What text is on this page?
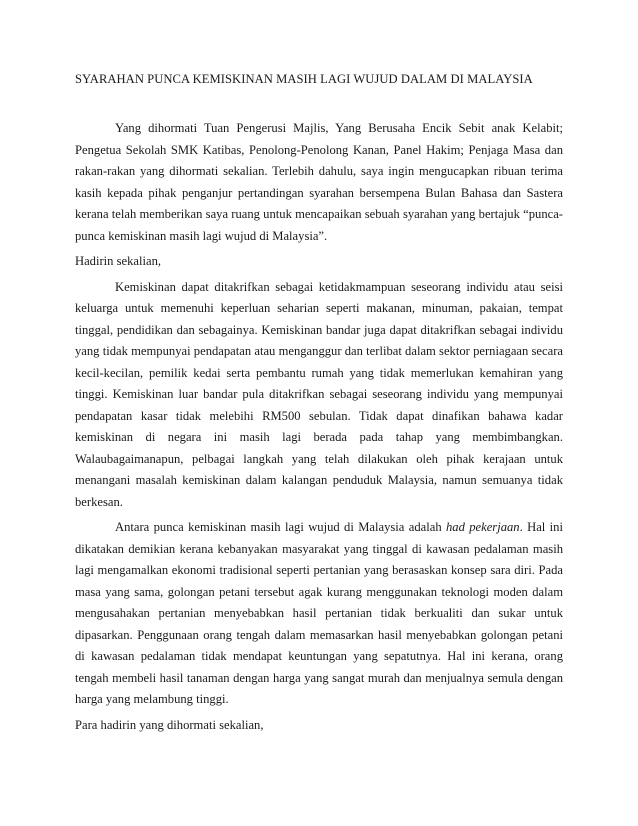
SYARAHAN PUNCA KEMISKINAN MASIH LAGI WUJUD DALAM DI MALAYSIA

Yang dihormati Tuan Pengerusi Majlis, Yang Berusaha Encik Sebit anak Kelabit; Pengetua Sekolah SMK Katibas, Penolong-Penolong Kanan, Panel Hakim; Penjaga Masa dan rakan-rakan yang dihormati sekalian. Terlebih dahulu, saya ingin mengucapkan ribuan terima kasih kepada pihak penganjur pertandingan syarahan bersempena Bulan Bahasa dan Sastera kerana telah memberikan saya ruang untuk mencapaikan sebuah syarahan yang bertajuk “punca-punca kemiskinan masih lagi wujud di Malaysia”.

Hadirin sekalian,

Kemiskinan dapat ditakrifkan sebagai ketidakmampuan seseorang individu atau seisi keluarga untuk memenuhi keperluan seharian seperti makanan, minuman, pakaian, tempat tinggal, pendidikan dan sebagainya. Kemiskinan bandar juga dapat ditakrifkan sebagai individu yang tidak mempunyai pendapatan atau menganggur dan terlibat dalam sektor perniagaan secara kecil-kecilan, pemilik kedai serta pembantu rumah yang tidak memerlukan kemahiran yang tinggi. Kemiskinan luar bandar pula ditakrifkan sebagai seseorang individu yang mempunyai pendapatan kasar tidak melebihi RM500 sebulan. Tidak dapat dinafikan bahawa kadar kemiskinan di negara ini masih lagi berada pada tahap yang membimbangkan. Walaubagaimanapun, pelbagai langkah yang telah dilakukan oleh pihak kerajaan untuk menangani masalah kemiskinan dalam kalangan penduduk Malaysia, namun semuanya tidak berkesan.

Antara punca kemiskinan masih lagi wujud di Malaysia adalah had pekerjaan. Hal ini dikatakan demikian kerana kebanyakan masyarakat yang tinggal di kawasan pedalaman masih lagi mengamalkan ekonomi tradisional seperti pertanian yang berasaskan konsep sara diri. Pada masa yang sama, golongan petani tersebut agak kurang menggunakan teknologi moden dalam mengusahakan pertanian menyebabkan hasil pertanian tidak berkualiti dan sukar untuk dipasarkan. Penggunaan orang tengah dalam memasarkan hasil menyebabkan golongan petani di kawasan pedalaman tidak mendapat keuntungan yang sepatutnya. Hal ini kerana, orang tengah membeli hasil tanaman dengan harga yang sangat murah dan menjualnya semula dengan harga yang melambung tinggi.

Para hadirin yang dihormati sekalian,
